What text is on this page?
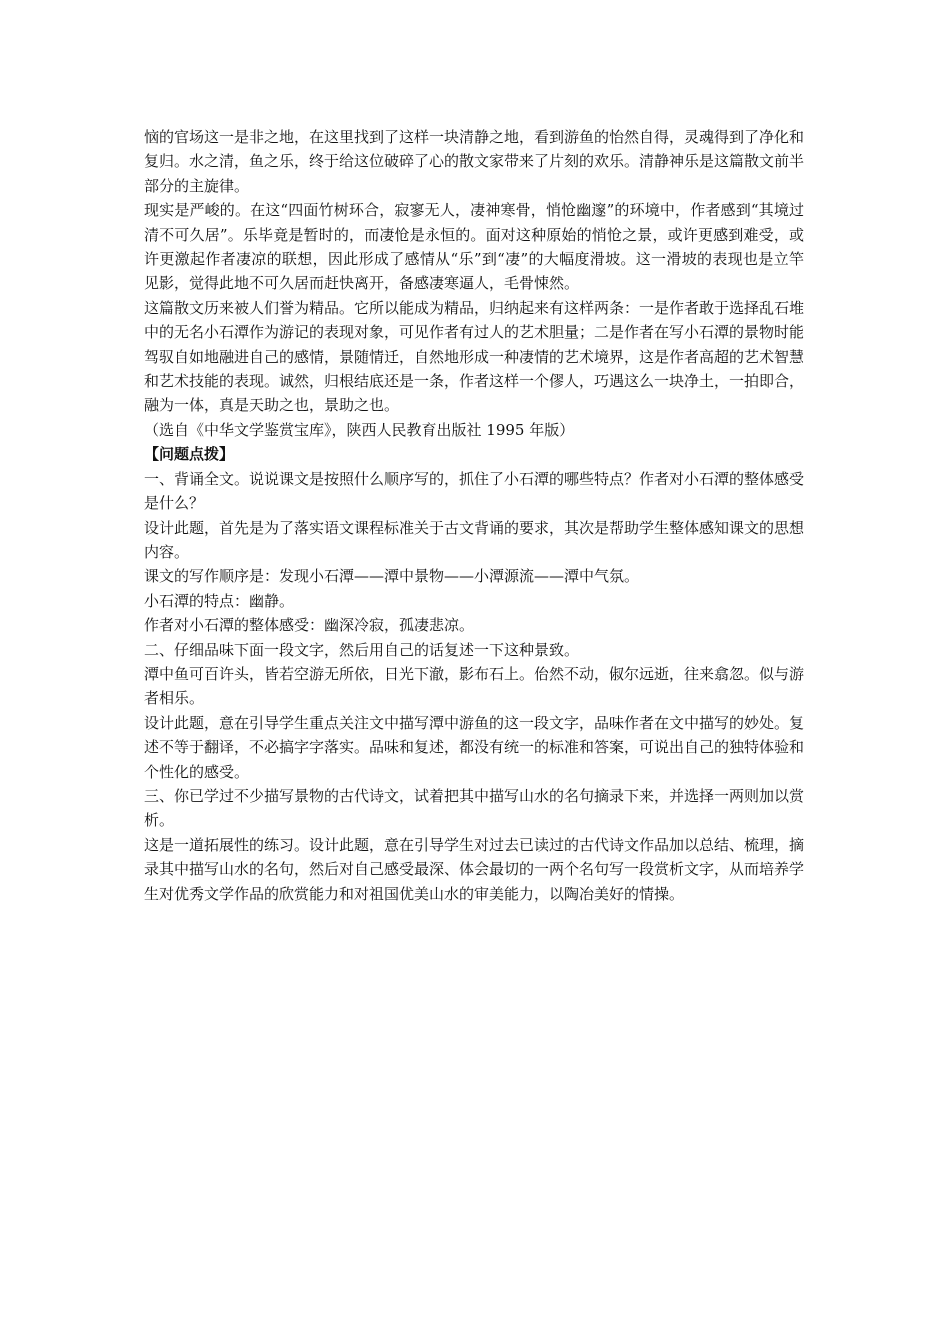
恼的官场这一是非之地，在这里找到了这样一块清静之地，看到游鱼的怡然自得，灵魂得到了净化和复归。水之清，鱼之乐，终于给这位破碎了心的散文家带来了片刻的欢乐。清静神乐是这篇散文前半部分的主旋律。

现实是严峻的。在这“四面竹树环合，寂寥无人，凄神寒骨，悄怆幽邃”的环境中，作者感到“其境过清不可久居”。乐毕竟是暂时的，而凄怆是永恒的。面对这种原始的悄怆之景，或许更感到难受，或许更激起作者凄凉的联想，因此形成了感情从“乐”到“凄”的大幅度滑坡。这一滑坡的表现也是立竿见影，觉得此地不可久居而赶快离开，备感凄寒逼人，毛骨悚然。

这篇散文历来被人们誉为精品。它所以能成为精品，归纳起来有这样两条：一是作者敢于选择乱石堆中的无名小石潭作为游记的表现对象，可见作者有过人的艺术胆量；二是作者在写小石潭的景物时能驾驭自如地融进自己的感情，景随情迁，自然地形成一种凄情的艺术境界，这是作者高超的艺术智慧和艺术技能的表现。诚然，归根结底还是一条，作者这样一个僇人，巧遇这么一块净土，一拍即合，融为一体，真是天助之也，景助之也。

（选自《中华文学鉴赏宝库》，陕西人民教育出版社 1995 年版）

【问题点拨】

一、背诵全文。说说课文是按照什么顺序写的，抓住了小石潭的哪些特点？作者对小石潭的整体感受是什么？

设计此题，首先是为了落实语文课程标准关于古文背诵的要求，其次是帮助学生整体感知课文的思想内容。

课文的写作顺序是：发现小石潭——潭中景物——小潭源流——潭中气氛。

小石潭的特点：幽静。

作者对小石潭的整体感受：幽深冷寂，孤凄悲凉。

二、仔细品味下面一段文字，然后用自己的话复述一下这种景致。

潭中鱼可百许头，皆若空游无所依，日光下澈，影布石上。佁然不动，俶尔远逝，往来翕忽。似与游者相乐。

设计此题，意在引导学生重点关注文中描写潭中游鱼的这一段文字，品味作者在文中描写的妙处。复述不等于翻译，不必搞字字落实。品味和复述，都没有统一的标准和答案，可说出自己的独特体验和个性化的感受。

三、你已学过不少描写景物的古代诗文，试着把其中描写山水的名句摘录下来，并选择一两则加以赏析。

这是一道拓展性的练习。设计此题，意在引导学生对过去已读过的古代诗文作品加以总结、梳理，摘录其中描写山水的名句，然后对自己感受最深、体会最切的一两个名句写一段赏析文字，从而培养学生对优秀文学作品的欣赏能力和对祖国优美山水的审美能力，以陶冶美好的情操。
